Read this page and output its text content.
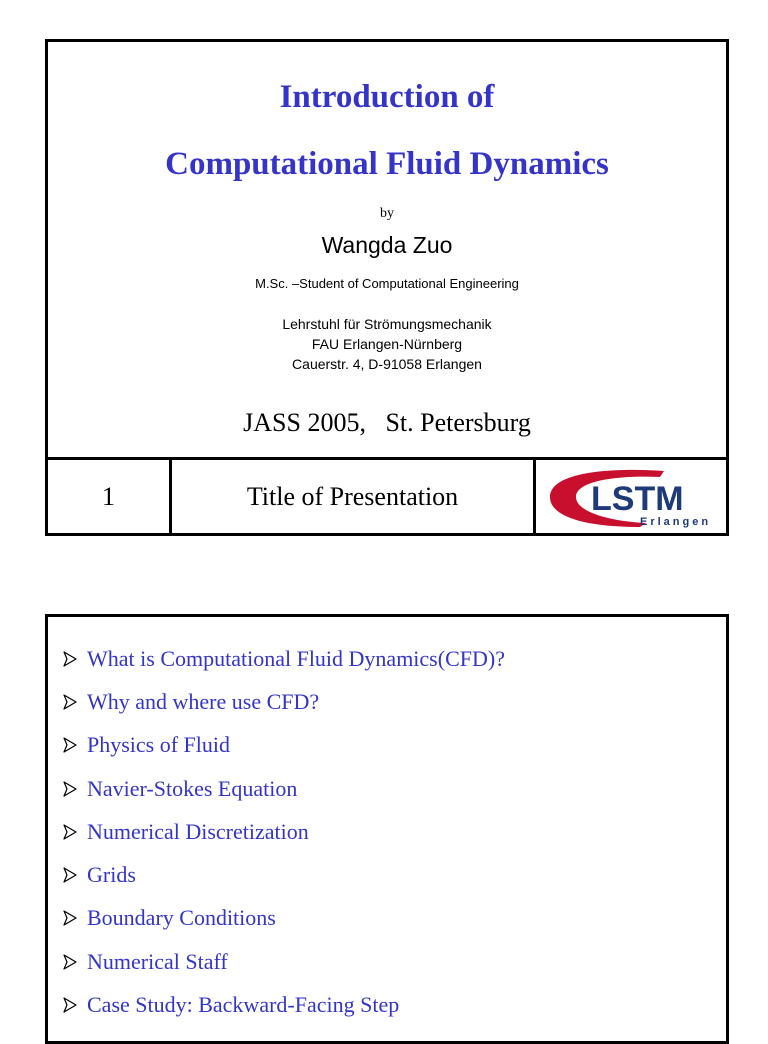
Introduction of
Computational Fluid Dynamics
by
Wangda Zuo
M.Sc. –Student of Computational Engineering
Lehrstuhl für Strömungsmechanik
FAU Erlangen-Nürnberg
Cauerstr. 4, D-91058 Erlangen
JASS 2005,   St. Petersburg
1	Title of Presentation	LSTM
Erlangen
What is Computational Fluid Dynamics(CFD)?
Why and where use CFD?
Physics of Fluid
Navier-Stokes Equation
Numerical Discretization
Grids
Boundary Conditions
Numerical Staff
Case Study: Backward-Facing Step
